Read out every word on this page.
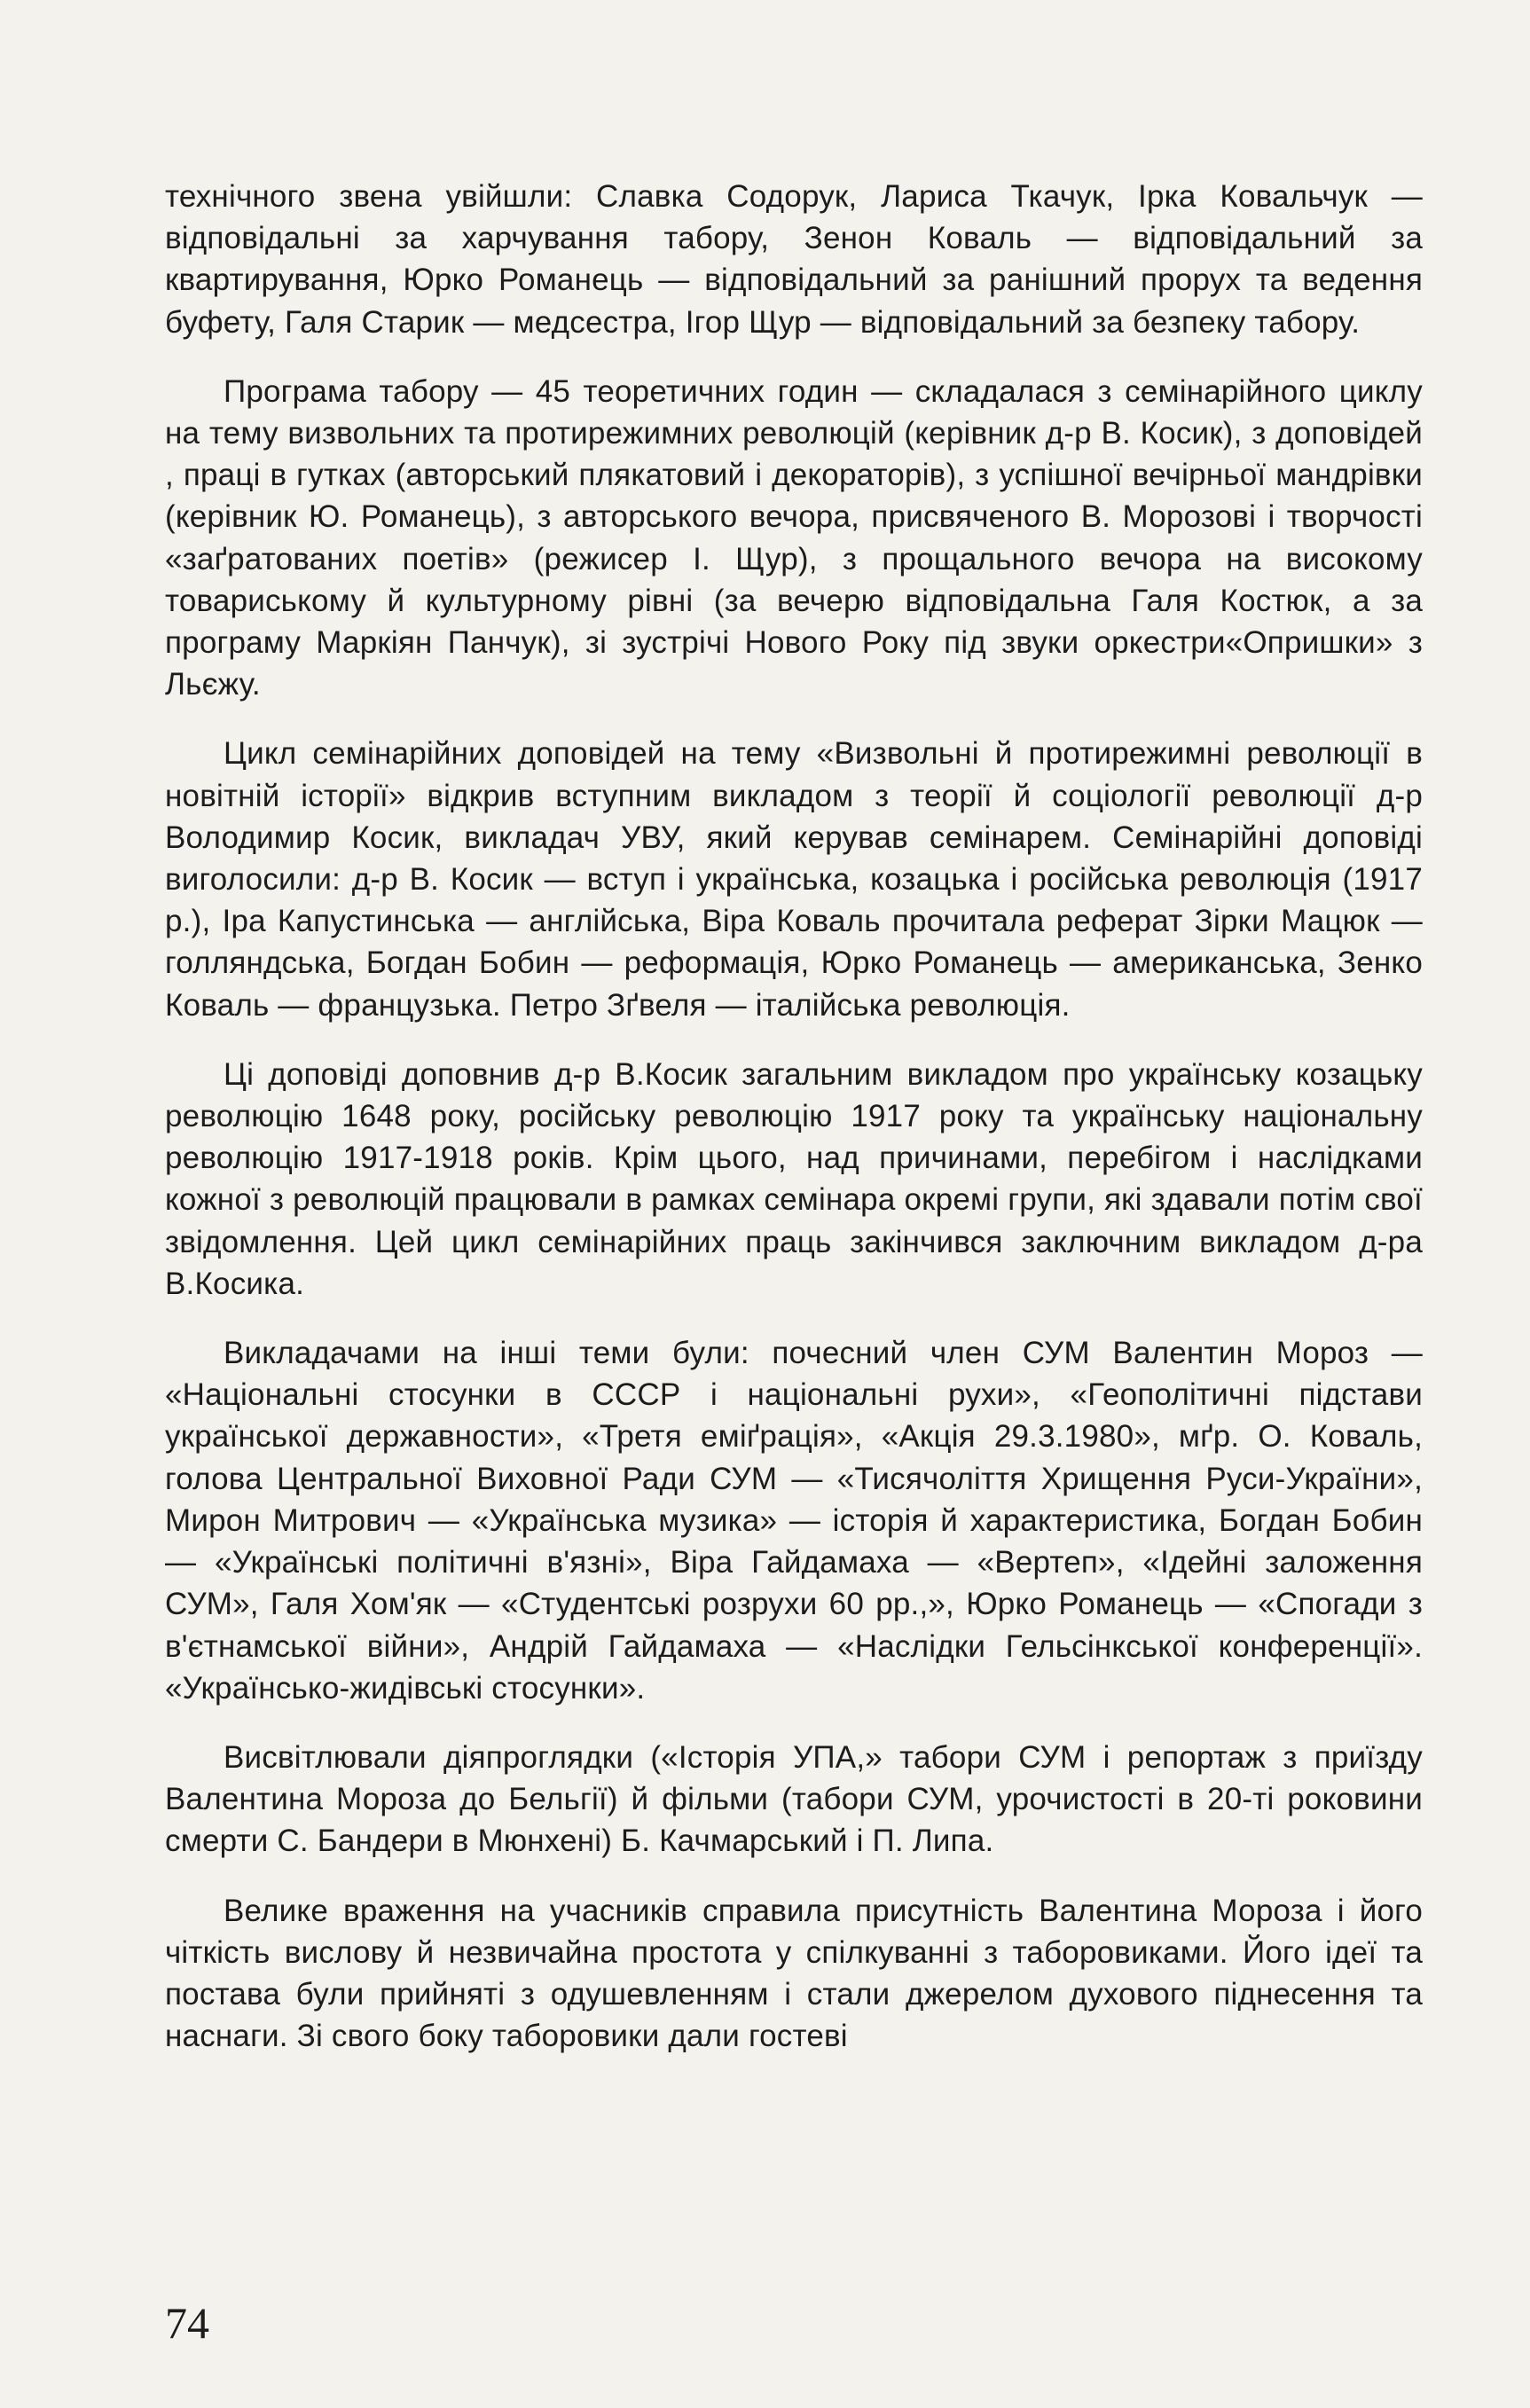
технічного звена увійшли: Славка Содорук, Лариса Ткачук, Ірка Ковальчук — відповідальні за харчування табору, Зенон Коваль — відповідальний за квартирування, Юрко Романець — відповідальний за ранішний прорух та ведення буфету, Галя Старик — медсестра, Ігор Щур — відповідальний за безпеку табору.

Програма табору — 45 теоретичних годин — складалася з семінарійного циклу на тему визвольних та протирежимних революцій (керівник д-р В. Косик), з доповідей , праці в гутках (авторський плякатовий і декораторів), з успішної вечірньої мандрівки (керівник Ю. Романець), з авторського вечора, присвяченого В. Морозові і творчості «заґратованих поетів» (режисер І. Щур), з прощального вечора на високому товариському й культурному рівні (за вечерю відповідальна Галя Костюк, а за програму Маркіян Панчук), зі зустрічі Нового Року під звуки оркестри«Опришки» з Льєжу.

Цикл семінарійних доповідей на тему «Визвольні й протирежимні революції в новітній історії» відкрив вступним викладом з теорії й соціології революції д-р Володимир Косик, викладач УВУ, який керував семінарем. Семінарійні доповіді виголосили: д-р В. Косик — вступ і українська, козацька і російська революція (1917 р.), Іра Капустинська — англійська, Віра Коваль прочитала реферат Зірки Мацюк — голляндська, Богдан Бобин — реформація, Юрко Романець — американська, Зенко Коваль — французька. Петро Зґвеля — італійська революція.

Ці доповіді доповнив д-р В.Косик загальним викладом про українську козацьку революцію 1648 року, російську революцію 1917 року та українську національну революцію 1917-1918 років. Крім цього, над причинами, перебігом і наслідками кожної з революцій працювали в рамках семінара окремі групи, які здавали потім свої звідомлення. Цей цикл семінарійних праць закінчився заключним викладом д-ра В.Косика.

Викладачами на інші теми були: почесний член СУМ Валентин Мороз — «Національні стосунки в СССР і національні рухи», «Геополітичні підстави української державности», «Третя еміґрація», «Акція 29.3.1980», мґр. О. Коваль, голова Центральної Виховної Ради СУМ — «Тисячоліття Хрищення Руси-України», Мирон Митрович — «Українська музика» — історія й характеристика, Богдан Бобин — «Українські політичні в'язні», Віра Гайдамаха — «Вертеп», «Ідейні заложення СУМ», Галя Хом'як — «Студентські розрухи 60 рр.,», Юрко Романець — «Спогади з в'єтнамської війни», Андрій Гайдамаха — «Наслідки Гельсінкської конференції». «Українсько-жидівські стосунки».

Висвітлювали діяпроглядки («Історія УПА,» табори СУМ і репортаж з приїзду Валентина Мороза до Бельгії) й фільми (табори СУМ, урочистості в 20-ті роковини смерти С. Бандери в Мюнхені) Б. Качмарський і П. Липа.

Велике враження на учасників справила присутність Валентина Мороза і його чіткість вислову й незвичайна простота у спілкуванні з таборовиками. Його ідеї та постава були прийняті з одушевленням і стали джерелом духового піднесення та наснаги. Зі свого боку таборовики дали гостеві

74
